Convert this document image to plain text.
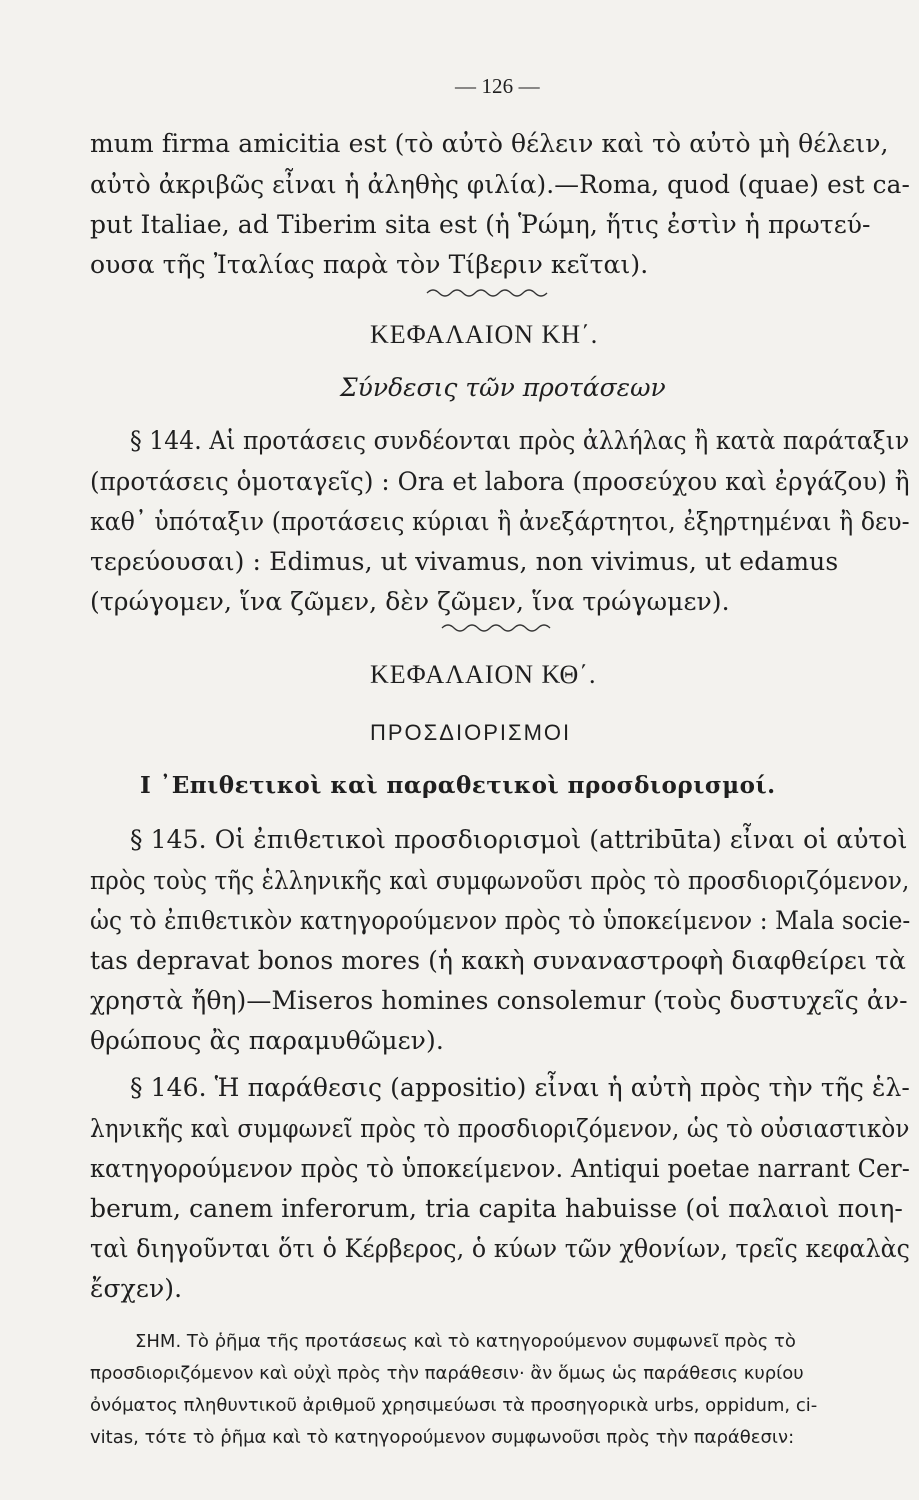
— 126 —
mum firma amicitia est (τὸ αὐτὸ θέλειν καὶ τὸ αὐτὸ μὴ θέλειν,
αὐτὸ ἀκριβῶς εἶναι ἡ ἀληθὴς φιλία).—Roma, quod (quae) est ca-
put Italiae, ad Tiberim sita est (ἡ Ῥώμη, ἥτις ἐστὶν ἡ πρωτεύ-
ουσα τῆς Ἰταλίας παρὰ τὸν Τίβεριν κεῖται).
ΚΕΦΑΛΑΙΟΝ ΚΗ΄.
Σύνδεσις τῶν προτάσεων
§ 144. Αἱ προτάσεις συνδέονται πρὸς ἀλλήλας ἢ κατὰ παράταξιν
(προτάσεις ὁμοταγεῖς) : Ora et labora (προσεύχου καὶ ἐργάζου) ἢ
καθ᾿ ὑπόταξιν (προτάσεις κύριαι ἢ ἀνεξάρτητοι, ἐξηρτημέναι ἢ δευ-
τερεύουσαι) : Edimus, ut vivamus, non vivimus, ut edamus
(τρώγομεν, ἵνα ζῶμεν, δὲν ζῶμεν, ἵνα τρώγωμεν).
ΚΕΦΑΛΑΙΟΝ ΚΘ΄.
ΠΡΟΣΔΙΟΡΙΣΜΟΙ
I ᾿Επιθετικοὶ καὶ παραθετικοὶ προσδιορισμοί.
§ 145. Οἱ ἐπιθετικοὶ προσδιορισμοὶ (attribūta) εἶναι οἱ αὐτοὶ
πρὸς τοὺς τῆς ἑλληνικῆς καὶ συμφωνοῦσι πρὸς τὸ προσδιοριζόμενον,
ὡς τὸ ἐπιθετικὸν κατηγορούμενον πρὸς τὸ ὑποκείμενον : Mala socie-
tas depravat bonos mores (ἡ κακὴ συναναστροφὴ διαφθείρει τὰ
χρηστὰ ἤθη)—Miseros homines consolemur (τοὺς δυστυχεῖς ἀν-
θρώπους ἂς παραμυθῶμεν).
§ 146. Ἡ παράθεσις (appositio) εἶναι ἡ αὐτὴ πρὸς τὴν τῆς ἑλ-
ληνικῆς καὶ συμφωνεῖ πρὸς τὸ προσδιοριζόμενον, ὡς τὸ οὐσιαστικὸν
κατηγορούμενον πρὸς τὸ ὑποκείμενον. Antiqui poetae narrant Cer-
berum, canem inferorum, tria capita habuisse (οἱ παλαιοὶ ποιη-
ταὶ διηγοῦνται ὅτι ὁ Κέρβερος, ὁ κύων τῶν χθονίων, τρεῖς κεφαλὰς
ἔσχεν).
ΣΗΜ. Τὸ ῥῆμα τῆς προτάσεως καὶ τὸ κατηγορούμενον συμφωνεῖ πρὸς τὸ
προσδιοριζόμενον καὶ οὐχὶ πρὸς τὴν παράθεσιν· ἂν ὅμως ὡς παράθεσις κυρίου
ὀνόματος πληθυντικοῦ ἀριθμοῦ χρησιμεύωσι τὰ προσηγορικὰ urbs, oppidum, ci-
vitas, τότε τὸ ῥῆμα καὶ τὸ κατηγορούμενον συμφωνοῦσι πρὸς τὴν παράθεσιν:
